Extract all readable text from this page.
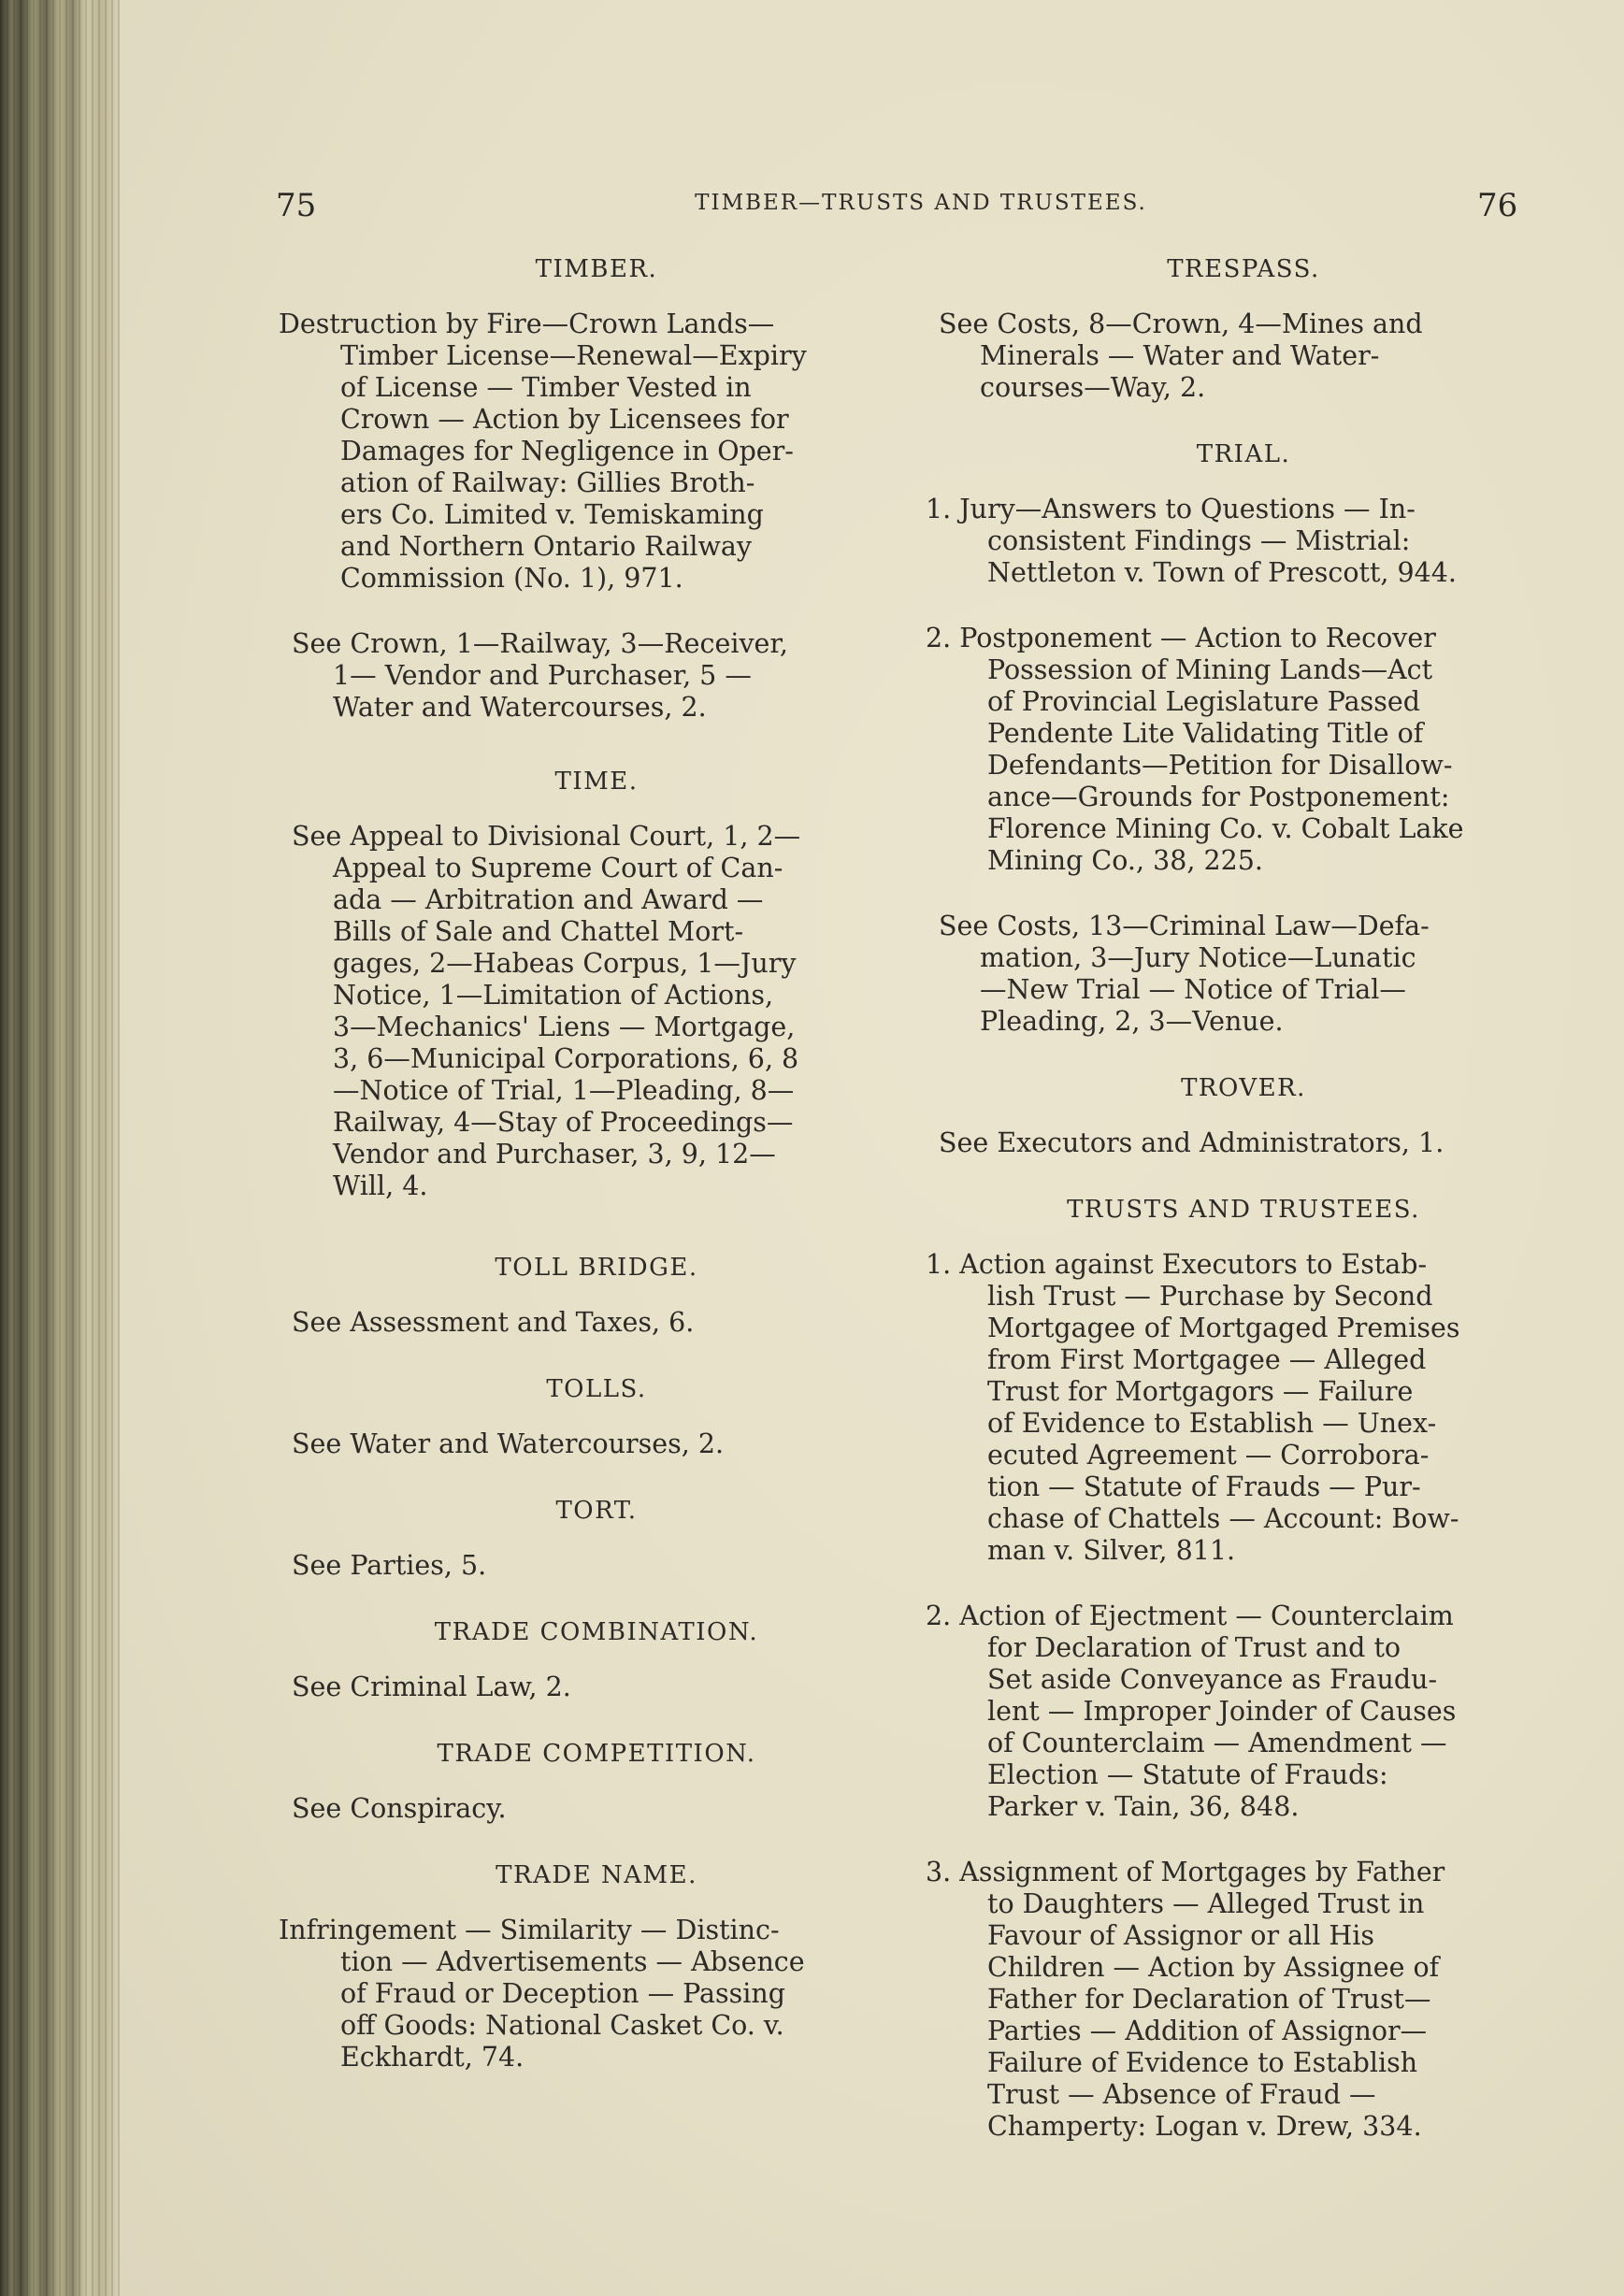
75	TIMBER—TRUSTS AND TRUSTEES.	76
TIMBER.
Destruction by Fire—Crown Lands—
Timber License—Renewal—Expiry
of License — Timber Vested in
Crown — Action by Licensees for
Damages for Negligence in Oper-
ation of Railway: Gillies Broth-
ers Co. Limited v. Temiskaming
and Northern Ontario Railway
Commission (No. 1), 971.
See Crown, 1—Railway, 3—Receiver,
1— Vendor and Purchaser, 5 —
Water and Watercourses, 2.
TIME.
See Appeal to Divisional Court, 1, 2—
Appeal to Supreme Court of Can-
ada — Arbitration and Award —
Bills of Sale and Chattel Mort-
gages, 2—Habeas Corpus, 1—Jury
Notice, 1—Limitation of Actions,
3—Mechanics' Liens — Mortgage,
3, 6—Municipal Corporations, 6, 8
—Notice of Trial, 1—Pleading, 8—
Railway, 4—Stay of Proceedings—
Vendor and Purchaser, 3, 9, 12—
Will, 4.
TOLL BRIDGE.
See Assessment and Taxes, 6.
TOLLS.
See Water and Watercourses, 2.
TORT.
See Parties, 5.
TRADE COMBINATION.
See Criminal Law, 2.
TRADE COMPETITION.
See Conspiracy.
TRADE NAME.
Infringement — Similarity — Distinc-
tion — Advertisements — Absence
of Fraud or Deception — Passing
off Goods: National Casket Co. v.
Eckhardt, 74.
TRESPASS.
See Costs, 8—Crown, 4—Mines and
Minerals — Water and Water-
courses—Way, 2.
TRIAL.
1. Jury—Answers to Questions — In-
consistent Findings — Mistrial:
Nettleton v. Town of Prescott, 944.
2. Postponement — Action to Recover
Possession of Mining Lands—Act
of Provincial Legislature Passed
Pendente Lite Validating Title of
Defendants—Petition for Disallow-
ance—Grounds for Postponement:
Florence Mining Co. v. Cobalt Lake
Mining Co., 38, 225.
See Costs, 13—Criminal Law—Defa-
mation, 3—Jury Notice—Lunatic
—New Trial — Notice of Trial—
Pleading, 2, 3—Venue.
TROVER.
See Executors and Administrators, 1.
TRUSTS AND TRUSTEES.
1. Action against Executors to Estab-
lish Trust — Purchase by Second
Mortgagee of Mortgaged Premises
from First Mortgagee — Alleged
Trust for Mortgagors — Failure
of Evidence to Establish — Unex-
ecuted Agreement — Corrobora-
tion — Statute of Frauds — Pur-
chase of Chattels — Account: Bow-
man v. Silver, 811.
2. Action of Ejectment — Counterclaim
for Declaration of Trust and to
Set aside Conveyance as Fraudu-
lent — Improper Joinder of Causes
of Counterclaim — Amendment —
Election — Statute of Frauds:
Parker v. Tain, 36, 848.
3. Assignment of Mortgages by Father
to Daughters — Alleged Trust in
Favour of Assignor or all His
Children — Action by Assignee of
Father for Declaration of Trust—
Parties — Addition of Assignor—
Failure of Evidence to Establish
Trust — Absence of Fraud —
Champerty: Logan v. Drew, 334.
